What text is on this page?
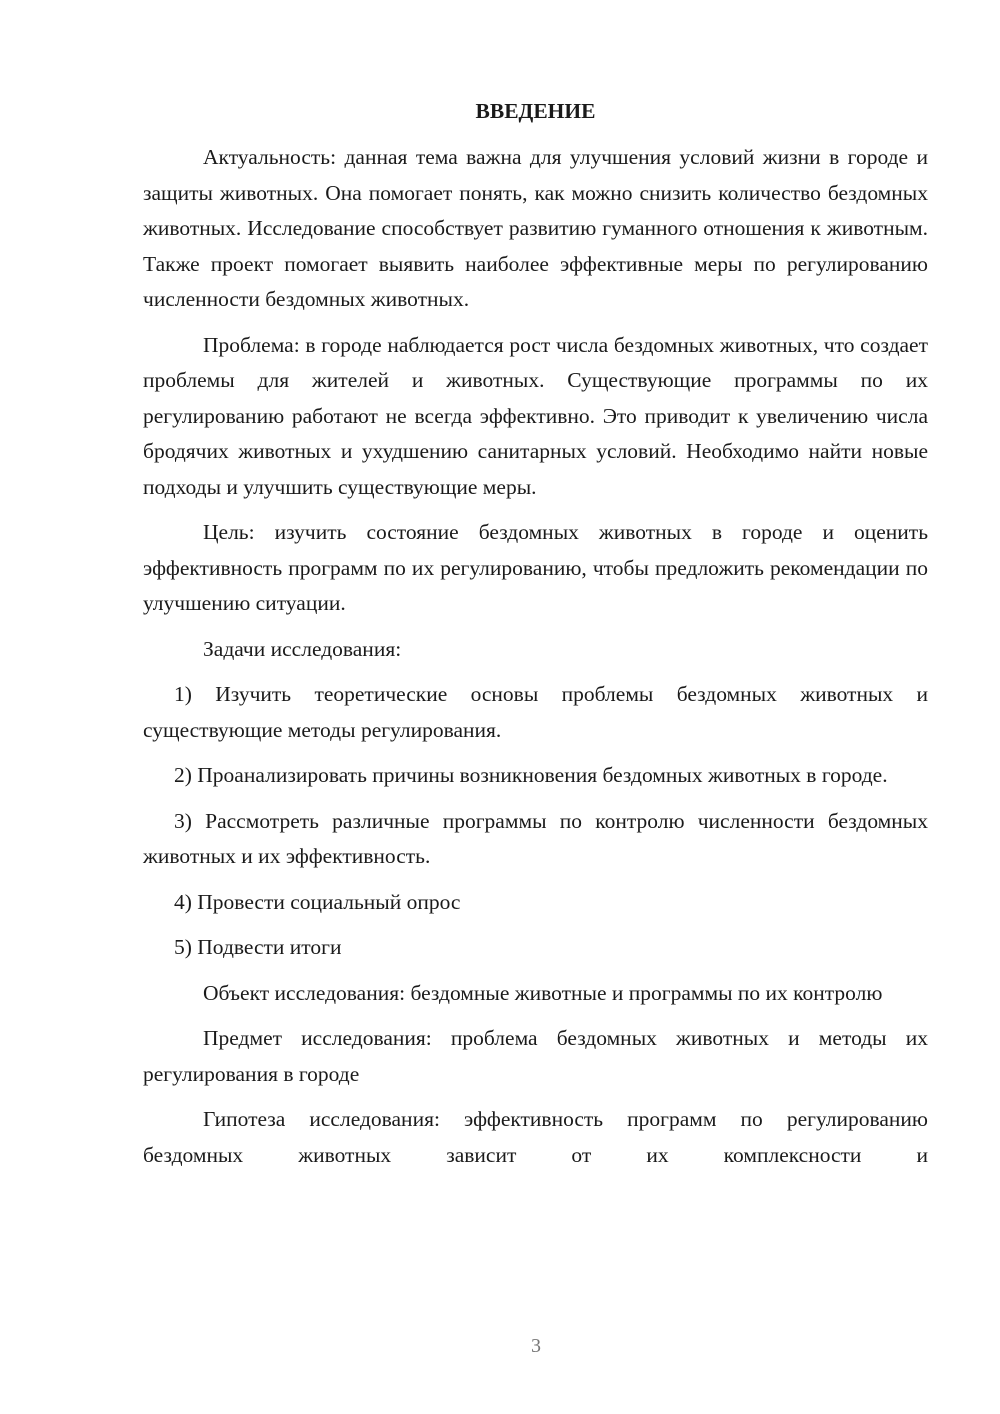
ВВЕДЕНИЕ

Актуальность: данная тема важна для улучшения условий жизни в городе и защиты животных. Она помогает понять, как можно снизить количество бездомных животных. Исследование способствует развитию гуманного отношения к животным. Также проект помогает выявить наиболее эффективные меры по регулированию численности бездомных животных.

Проблема: в городе наблюдается рост числа бездомных животных, что создает проблемы для жителей и животных. Существующие программы по их регулированию работают не всегда эффективно. Это приводит к увеличению числа бродячих животных и ухудшению санитарных условий. Необходимо найти новые подходы и улучшить существующие меры.

Цель: изучить состояние бездомных животных в городе и оценить эффективность программ по их регулированию, чтобы предложить рекомендации по улучшению ситуации.

Задачи исследования:

1) Изучить теоретические основы проблемы бездомных животных и существующие методы регулирования.

2) Проанализировать причины возникновения бездомных животных в городе.

3) Рассмотреть различные программы по контролю численности бездомных животных и их эффективность.

4) Провести социальный опрос

5) Подвести итоги

Объект исследования: бездомные животные и программы по их контролю

Предмет исследования: проблема бездомных животных и методы их регулирования в городе

Гипотеза исследования: эффективность программ по регулированию бездомных животных зависит от их комплексности и

3
